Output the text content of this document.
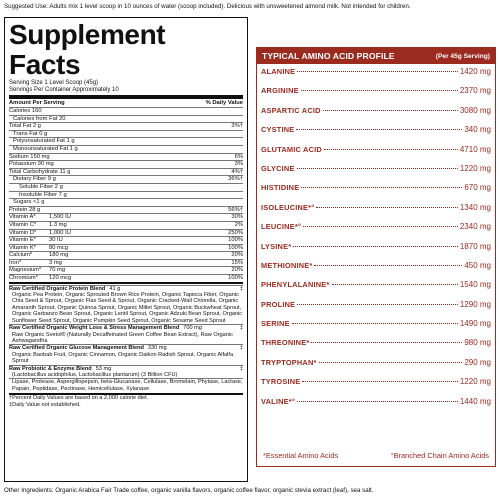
Suggested Use: Adults mix 1 level scoop in 10 ounces of water (scoop included). Delicious with unsweetened almond milk. Not intended for children.
Supplement Facts
Serving Size 1 Level Scoop (45g)
Servings Per Container Approximately 10
Amount Per Serving	% Daily Value
Calories 160
Calories from Fat 20
Total Fat 2 g	3%†
Trans Fat 0 g
Polyunsaturated Fat 1 g
Monounsaturated Fat 1 g
Sodium 150 mg	6%
Potassium 90 mg	3%
Total Carbohydrate 11 g	4%†
Dietary Fiber 9 g	36%†
Soluble Fiber 2 g
Insoluble Fiber 7 g
Sugars <1 g
Protein 28 g	56%†
Vitamin A* 1,500 IU	30%
Vitamin C* 1.3 mg	2%
Vitamin D* 1,000 IU	250%
Vitamin E* 30 IU	100%
Vitamin K* 80 mcg	100%
Calcium*	180 mg	20%
Iron*	3 mg	15%
Magnesium* 70 mg	20%
Chromium* 120 mcg	100%
Raw Certified Organic Protein Blend 41 g	‡
Organic Pea Protein, Organic Sprouted Brown Rice Protein, Organic Tapioca Fiber, Organic Chia Seed & Sprout, Organic Flax Seed & Sprout, Organic Cracked-Wall Chlorella, Organic Amaranth Sprout, Organic Quinoa Sprout, Organic Millet Sprout, Organic Buckwheat Sprout, Organic Garbanzo Bean Sprout, Organic Lentil Sprout, Organic Adzuki Bean Sprout, Organic Sunflower Seed Sprout, Organic Pumpkin Seed Sprout, Organic Sesame Seed Sprout
Raw Certified Organic Weight Loss & Stress Management Blend 700 mg	‡
Raw Organic Svetol® (Naturally Decaffeinated Green Coffee Bean Extract), Raw Organic Ashwagandha
Raw Certified Organic Glucose Management Blend 330 mg	‡
Organic Baobab Fruit, Organic Cinnamon, Organic Daikon Radish Sprout, Organic Alfalfa Sprout
Raw Probiotic & Enzyme Blend 53 mg	‡
(Lactobacillus acidophilus, Lactobacillus plantarum) (3 Billion CFU)
Lipase, Protease, Aspergillopepsin, beta-Glucanase, Cellulase, Bromelain, Phytase, Lactase, Papain, Peptidase, Pectinase, Hemicellulase, Xylanase
†Percent Daily Values are based on a 2,000 calorie diet.
‡Daily Value not established.
TYPICAL AMINO ACID PROFILE	(Per 45g Serving)
ALANINE	1420 mg
ARGININE	2370 mg
ASPARTIC ACID	3080 mg
CYSTINE	340 mg
GLUTAMIC ACID	4710 mg
GLYCINE	1220 mg
HISTIDINE	670 mg
ISOLEUCINE*°	1340 mg
LEUCINE*°	2340 mg
LYSINE*	1870 mg
METHIONINE*	450 mg
PHENYLALANINE*	1540 mg
PROLINE	1290 mg
SERINE	1490 mg
THREONINE*	980 mg
TRYPTOPHAN*	290 mg
TYROSINE	1220 mg
VALINE*°	1440 mg
*Essential Amino Acids	°Branched Chain Amino Acids
Other Ingredients: Organic Arabica Fair Trade coffee, organic vanilla flavors, organic coffee flavor, organic stevia extract (leaf), sea salt.
